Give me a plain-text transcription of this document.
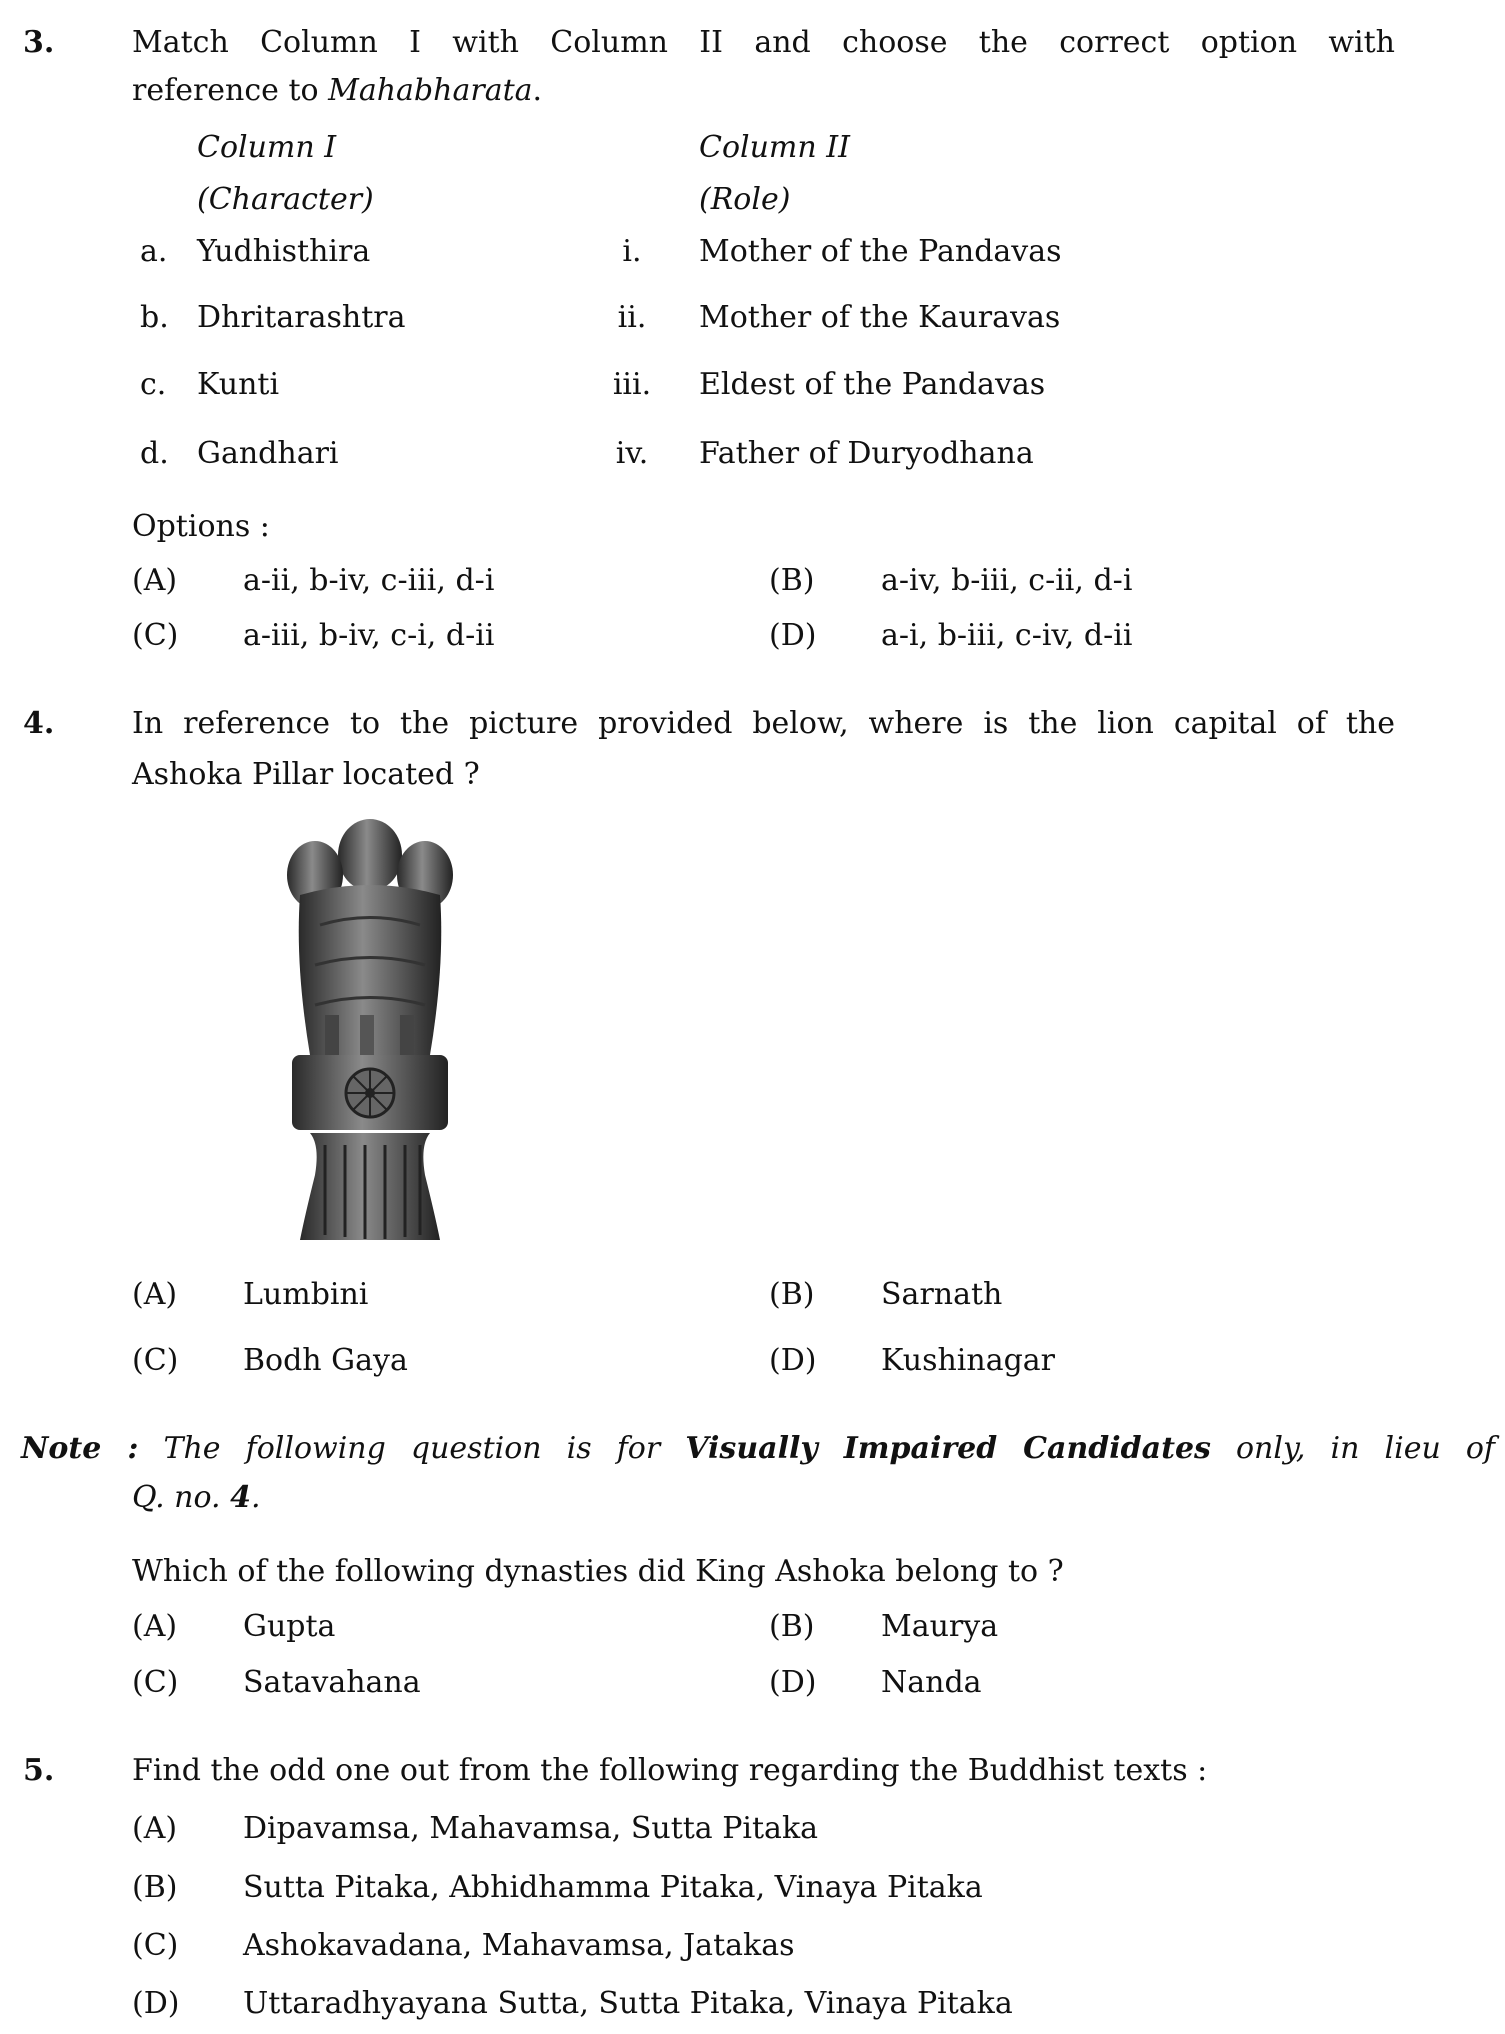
3.	Match Column I with Column II and choose the correct option with
reference to Mahabharata.
Column I
(Character)
Column II
(Role)
a. Yudhisthira	i.	Mother of the Pandavas
b. Dhritarashtra	ii. Mother of the Kauravas
c. Kunti	iii. Eldest of the Pandavas
d. Gandhari	iv. Father of Duryodhana
Options :
(A) a-ii, b-iv, c-iii, d-i	(B) a-iv, b-iii, c-ii, d-i
(C) a-iii, b-iv, c-i, d-ii	(D) a-i, b-iii, c-iv, d-ii
4.	In reference to the picture provided below, where is the lion capital of the
Ashoka Pillar located ?
(A) Lumbini	(B) Sarnath
(C) Bodh Gaya	(D) Kushinagar
Note : The following question is for Visually Impaired Candidates only, in lieu of
Q. no. 4.
Which of the following dynasties did King Ashoka belong to ?
(A) Gupta	(B) Maurya
(C) Satavahana	(D) Nanda
5.	Find the odd one out from the following regarding the Buddhist texts :
(A) Dipavamsa, Mahavamsa, Sutta Pitaka
(B) Sutta Pitaka, Abhidhamma Pitaka, Vinaya Pitaka
(C) Ashokavadana, Mahavamsa, Jatakas
(D) Uttaradhyayana Sutta, Sutta Pitaka, Vinaya Pitaka
